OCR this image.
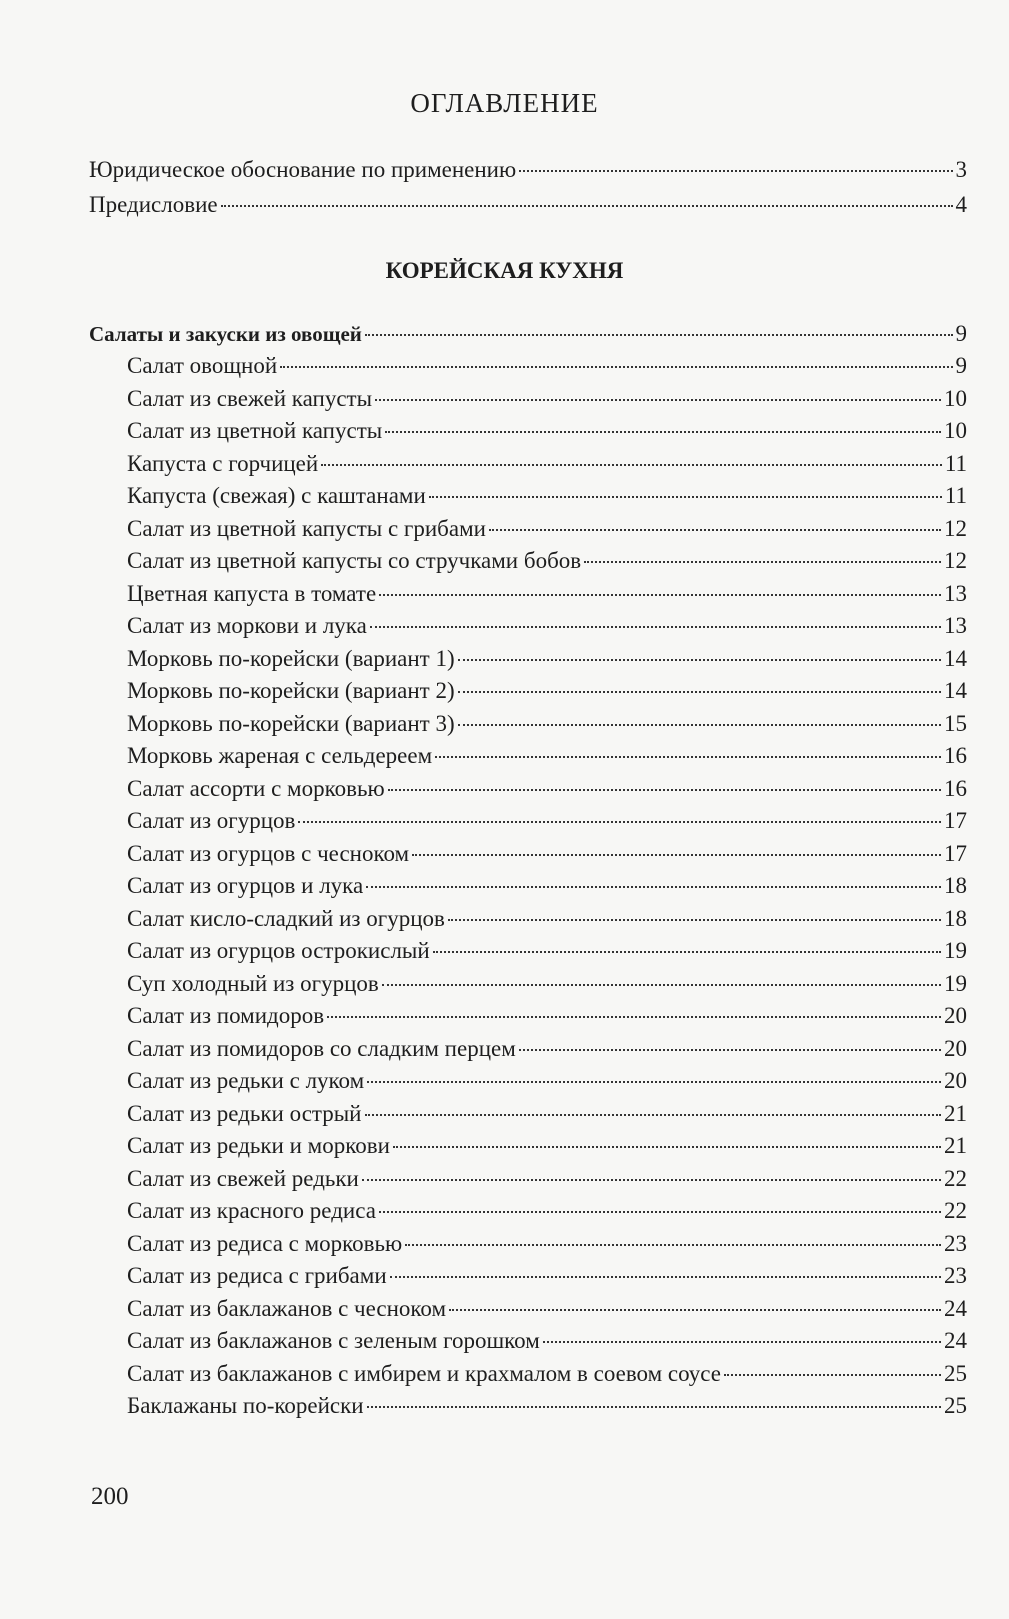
ОГЛАВЛЕНИЕ
Юридическое обоснование по применению	3
Предисловие	4
КОРЕЙСКАЯ КУХНЯ
Салаты и закуски из овощей	9
Салат овощной	9
Салат из свежей капусты	10
Салат из цветной капусты	10
Капуста с горчицей	11
Капуста (свежая) с каштанами	11
Салат из цветной капусты с грибами	12
Салат из цветной капусты со стручками бобов	12
Цветная капуста в томате	13
Салат из моркови и лука	13
Морковь по-корейски (вариант 1)	14
Морковь по-корейски (вариант 2)	14
Морковь по-корейски (вариант 3)	15
Морковь жареная с сельдереем	16
Салат ассорти с морковью	16
Салат из огурцов	17
Салат из огурцов с чесноком	17
Салат из огурцов и лука	18
Салат кисло-сладкий из огурцов	18
Салат из огурцов острокислый	19
Суп холодный из огурцов	19
Салат из помидоров	20
Салат из помидоров со сладким перцем	20
Салат из редьки с луком	20
Салат из редьки острый	21
Салат из редьки и моркови	21
Салат из свежей редьки	22
Салат из красного редиса	22
Салат из редиса с морковью	23
Салат из редиса с грибами	23
Салат из баклажанов с чесноком	24
Салат из баклажанов с зеленым горошком	24
Салат из баклажанов с имбирем и крахмалом в соевом соусе	25
Баклажаны по-корейски	25

200
